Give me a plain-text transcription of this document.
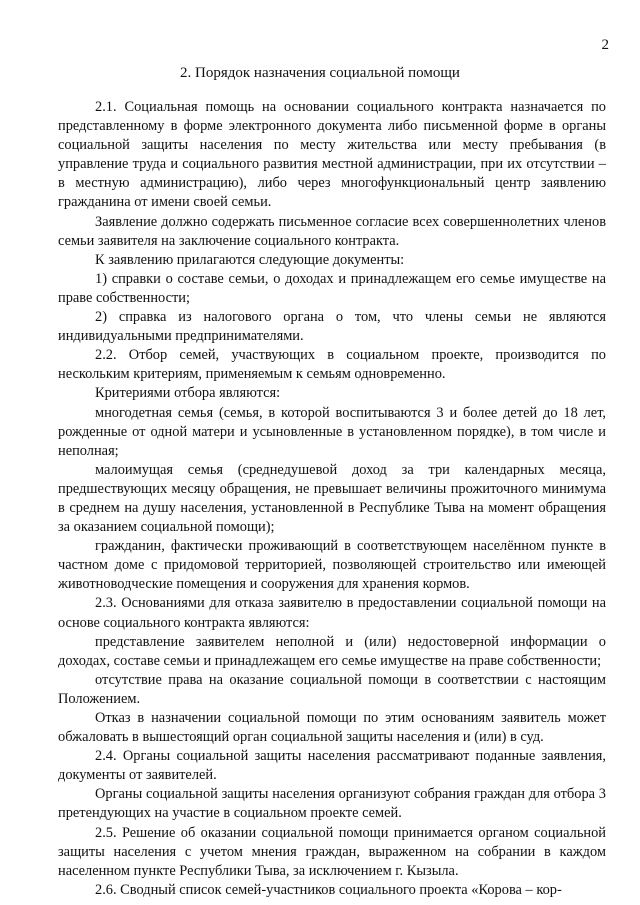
2
2. Порядок назначения социальной помощи

2.1. Социальная помощь на основании социального контракта назначается по представленному в форме электронного документа либо письменной форме в органы социальной защиты населения по месту жительства или месту пребывания (в управление труда и социального развития местной администрации, при их отсутствии – в местную администрацию), либо через многофункциональный центр заявлению гражданина от имени своей семьи.

Заявление должно содержать письменное согласие всех совершеннолетних членов семьи заявителя на заключение социального контракта.

К заявлению прилагаются следующие документы:

1) справки о составе семьи, о доходах и принадлежащем его семье имуществе на праве собственности;

2) справка из налогового органа о том, что члены семьи не являются индивидуальными предпринимателями.

2.2. Отбор семей, участвующих в социальном проекте, производится по нескольким критериям, применяемым к семьям одновременно.

Критериями отбора являются:

многодетная семья (семья, в которой воспитываются 3 и более детей до 18 лет, рожденные от одной матери и усыновленные в установленном порядке), в том числе и неполная;

малоимущая семья (среднедушевой доход за три календарных месяца, предшествующих месяцу обращения, не превышает величины прожиточного минимума в среднем на душу населения, установленной в Республике Тыва на момент обращения за оказанием социальной помощи);

гражданин, фактически проживающий в соответствующем населённом пункте в частном доме с придомовой территорией, позволяющей строительство или имеющей животноводческие помещения и сооружения для хранения кормов.

2.3. Основаниями для отказа заявителю в предоставлении социальной помощи на основе социального контракта являются:

представление заявителем неполной и (или) недостоверной информации о доходах, составе семьи и принадлежащем его семье имуществе на праве собственности;

отсутствие права на оказание социальной помощи в соответствии с настоящим Положением.

Отказ в назначении социальной помощи по этим основаниям заявитель может обжаловать в вышестоящий орган социальной защиты населения и (или) в суд.

2.4. Органы социальной защиты населения рассматривают поданные заявления, документы от заявителей.

Органы социальной защиты населения организуют собрания граждан для отбора 3 претендующих на участие в социальном проекте семей.

2.5. Решение об оказании социальной помощи принимается органом социальной защиты населения с учетом мнения граждан, выраженном на собрании в каждом населенном пункте Республики Тыва, за исключением г. Кызыла.

2.6. Сводный список семей-участников социального проекта «Корова – кор-
